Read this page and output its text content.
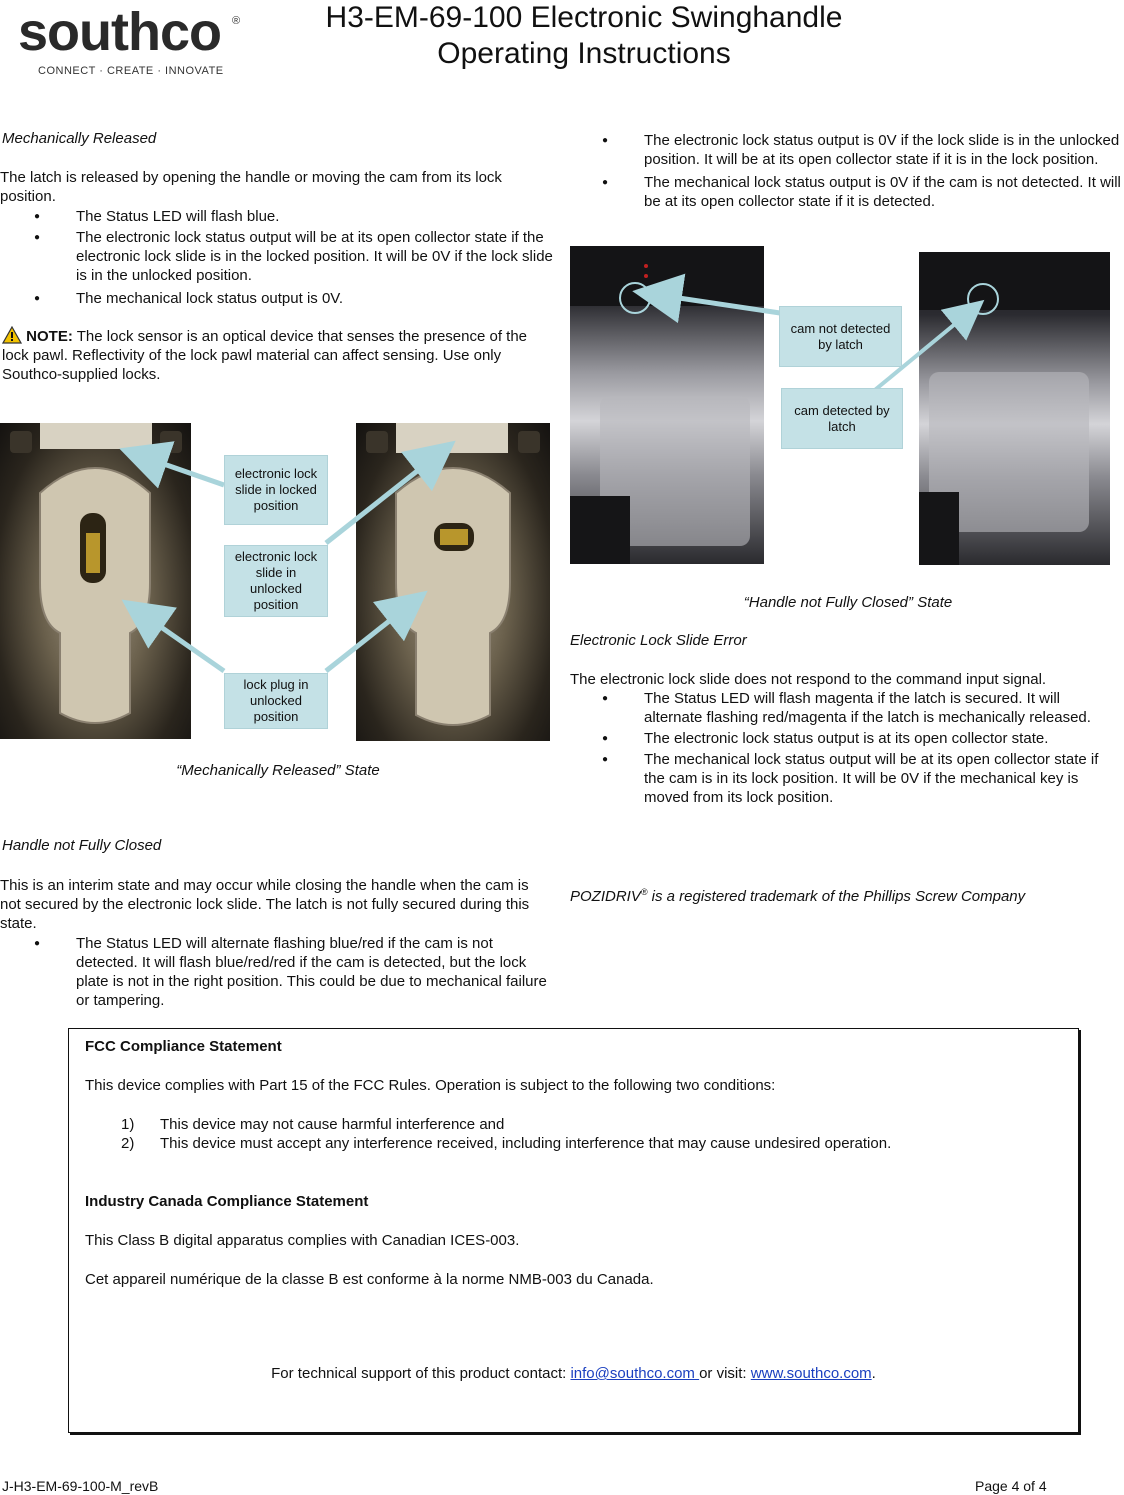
southco ®
CONNECT · CREATE · INNOVATE
H3-EM-69-100 Electronic Swinghandle
Operating Instructions
Mechanically Released
The latch is released by opening the handle or moving the cam from its lock position.
● The Status LED will flash blue.
● The electronic lock status output will be at its open collector state if the electronic lock slide is in the locked position. It will be 0V if the lock slide is in the unlocked position.
● The mechanical lock status output is 0V.
NOTE: The lock sensor is an optical device that senses the presence of the lock pawl. Reflectivity of the lock pawl material can affect sensing. Use only Southco-supplied locks.
electronic lock slide in locked position
electronic lock slide in unlocked position
lock plug in unlocked position
“Mechanically Released” State
Handle not Fully Closed
This is an interim state and may occur while closing the handle when the cam is not secured by the electronic lock slide. The latch is not fully secured during this state.
● The Status LED will alternate flashing blue/red if the cam is not detected. It will flash blue/red/red if the cam is detected, but the lock plate is not in the right position. This could be due to mechanical failure or tampering.
● The electronic lock status output is 0V if the lock slide is in the unlocked position. It will be at its open collector state if it is in the lock position.
● The mechanical lock status output is 0V if the cam is not detected. It will be at its open collector state if it is detected.
cam not detected by latch
cam detected by latch
“Handle not Fully Closed” State
Electronic Lock Slide Error
The electronic lock slide does not respond to the command input signal.
● The Status LED will flash magenta if the latch is secured. It will alternate flashing red/magenta if the latch is mechanically released.
● The electronic lock status output is at its open collector state.
● The mechanical lock status output will be at its open collector state if the cam is in its lock position. It will be 0V if the mechanical key is moved from its lock position.
POZIDRIV® is a registered trademark of the Phillips Screw Company
FCC Compliance Statement
This device complies with Part 15 of the FCC Rules. Operation is subject to the following two conditions:
1)	This device may not cause harmful interference and
2)	This device must accept any interference received, including interference that may cause undesired operation.
Industry Canada Compliance Statement
This Class B digital apparatus complies with Canadian ICES-003.
Cet appareil numérique de la classe B est conforme à la norme NMB-003 du Canada.
For technical support of this product contact: info@southco.com or visit: www.southco.com.
J-H3-EM-69-100-M_revB	Page 4 of 4
